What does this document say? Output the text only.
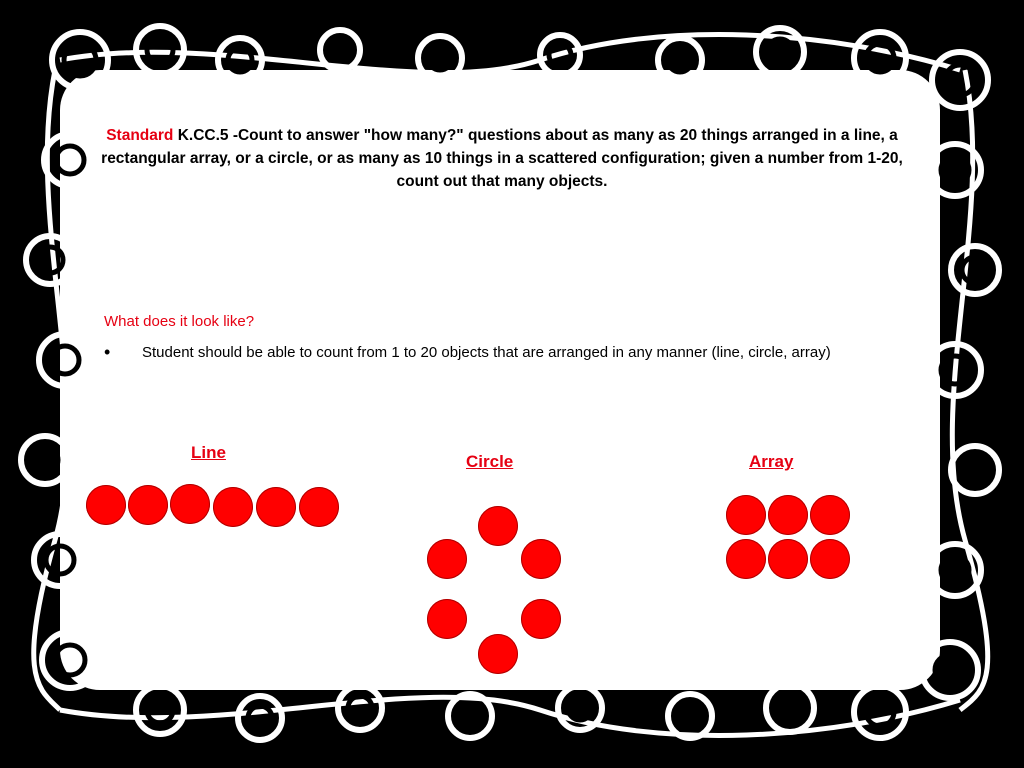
Standard K.CC.5 -Count to answer "how many?" questions about as many as 20 things arranged in a line, a rectangular array, or a circle, or as many as 10 things in a scattered configuration; given a number from 1-20, count out that many objects.
What does it look like?
• Student should be able to count from 1 to 20 objects that are arranged in any manner (line, circle, array)
Line	Circle	Array
